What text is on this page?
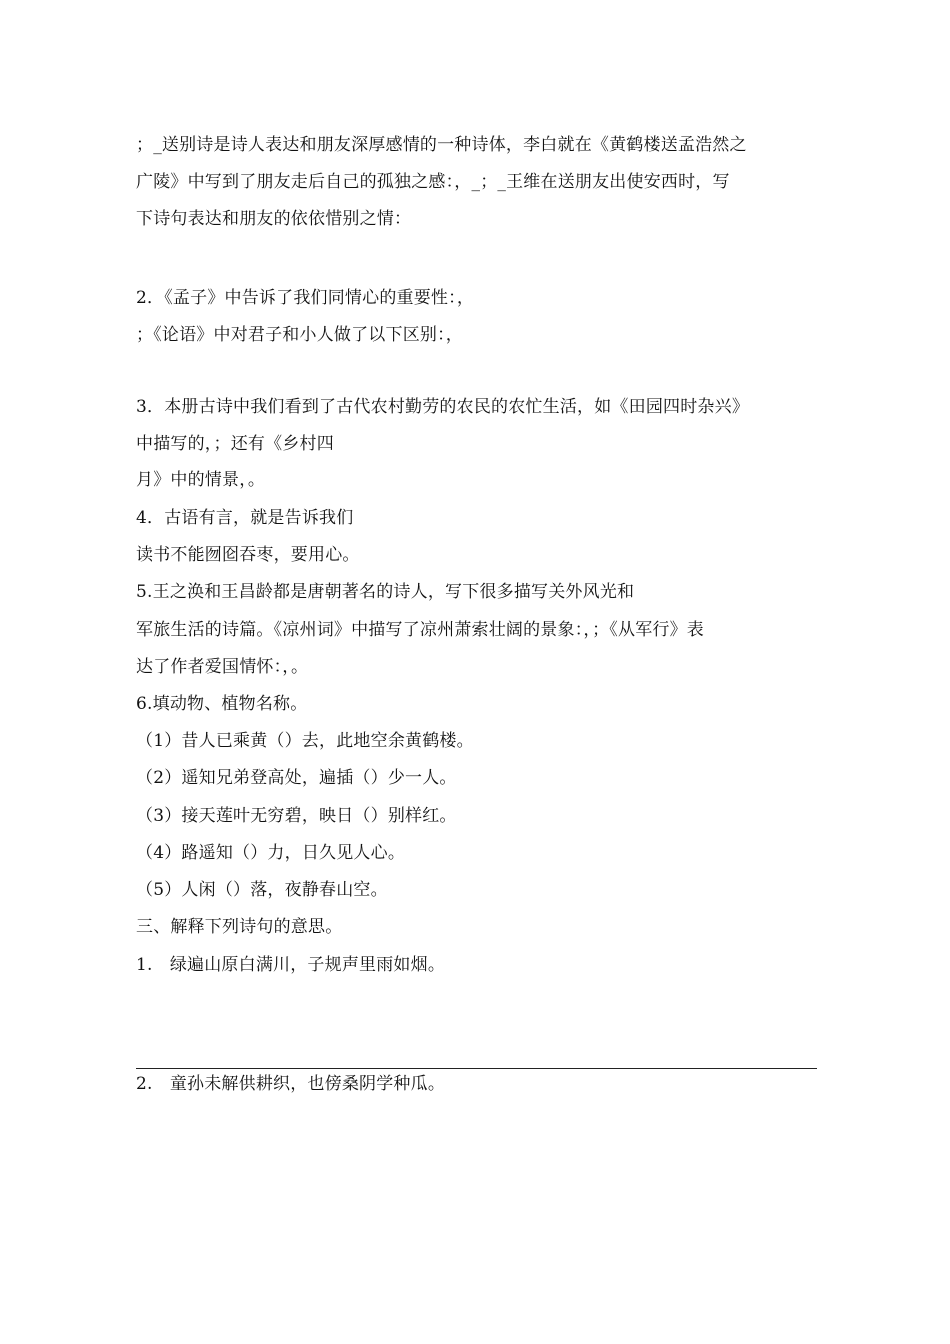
；_送别诗是诗人表达和朋友深厚感情的一种诗体，李白就在《黄鹤楼送孟浩然之
广陵》中写到了朋友走后自己的孤独之感：，_；_王维在送朋友出使安西时，写
下诗句表达和朋友的依依惜别之情：
2．《孟子》中告诉了我们同情心的重要性：，
；《论语》中对君子和小人做了以下区别：，
3．本册古诗中我们看到了古代农村勤劳的农民的农忙生活，如《田园四时杂兴》
中描写的，；还有《乡村四
月》中的情景，。
4．古语有言，就是告诉我们
读书不能囫囵吞枣，要用心。
5.王之涣和王昌龄都是唐朝著名的诗人，写下很多描写关外风光和
军旅生活的诗篇。《凉州词》中描写了凉州萧索壮阔的景象：，；《从军行》表
达了作者爱国情怀：，。
6.填动物、植物名称。
（1）昔人已乘黄（）去，此地空余黄鹤楼。
（2）遥知兄弟登高处，遍插（）少一人。
（3）接天莲叶无穷碧，映日（）别样红。
（4）路遥知（）力，日久见人心。
（5）人闲（）落，夜静春山空。
三、解释下列诗句的意思。
1.　绿遍山原白满川，子规声里雨如烟。
2.　童孙未解供耕织，也傍桑阴学种瓜。
